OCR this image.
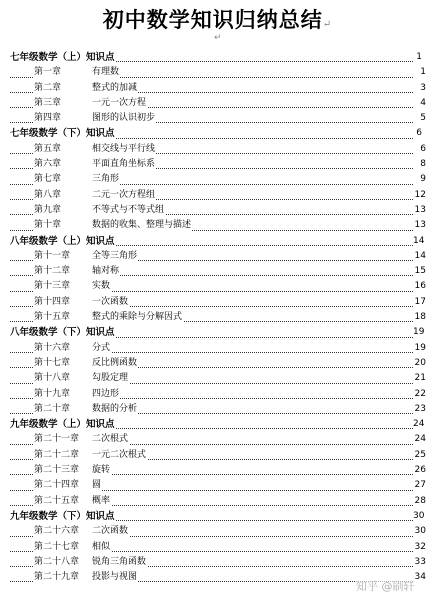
初中数学知识归纳总结↵
↵
七年级数学（上）知识点	1
第一章	有理数	1
第二章	整式的加减	3
第三章	一元一次方程	4
第四章	图形的认识初步	5
七年级数学（下）知识点	6
第五章	相交线与平行线	6
第六章	平面直角坐标系	8
第七章	三角形	9
第八章	二元一次方程组	12
第九章	不等式与不等式组	13
第十章	数据的收集、整理与描述	13
八年级数学（上）知识点	14
第十一章 全等三角形	14
第十二章 轴对称	15
第十三章 实数	16
第十四章 一次函数	17
第十五章 整式的乘除与分解因式	18
八年级数学（下）知识点	19
第十六章 分式	19
第十七章 反比例函数	20
第十八章 勾股定理	21
第十九章 四边形	22
第二十章 数据的分析	23
九年级数学（上）知识点	24
第二十一章 二次根式	24
第二十二章 一元二次根式	25
第二十三章 旋转	26
第二十四章 圆	27
第二十五章 概率	28
九年级数学（下）知识点	30
第二十六章 二次函数	30
第二十七章 相似	32
第二十八章 锐角三角函数	33
第二十九章 投影与视图	34
知乎 @刷轩
